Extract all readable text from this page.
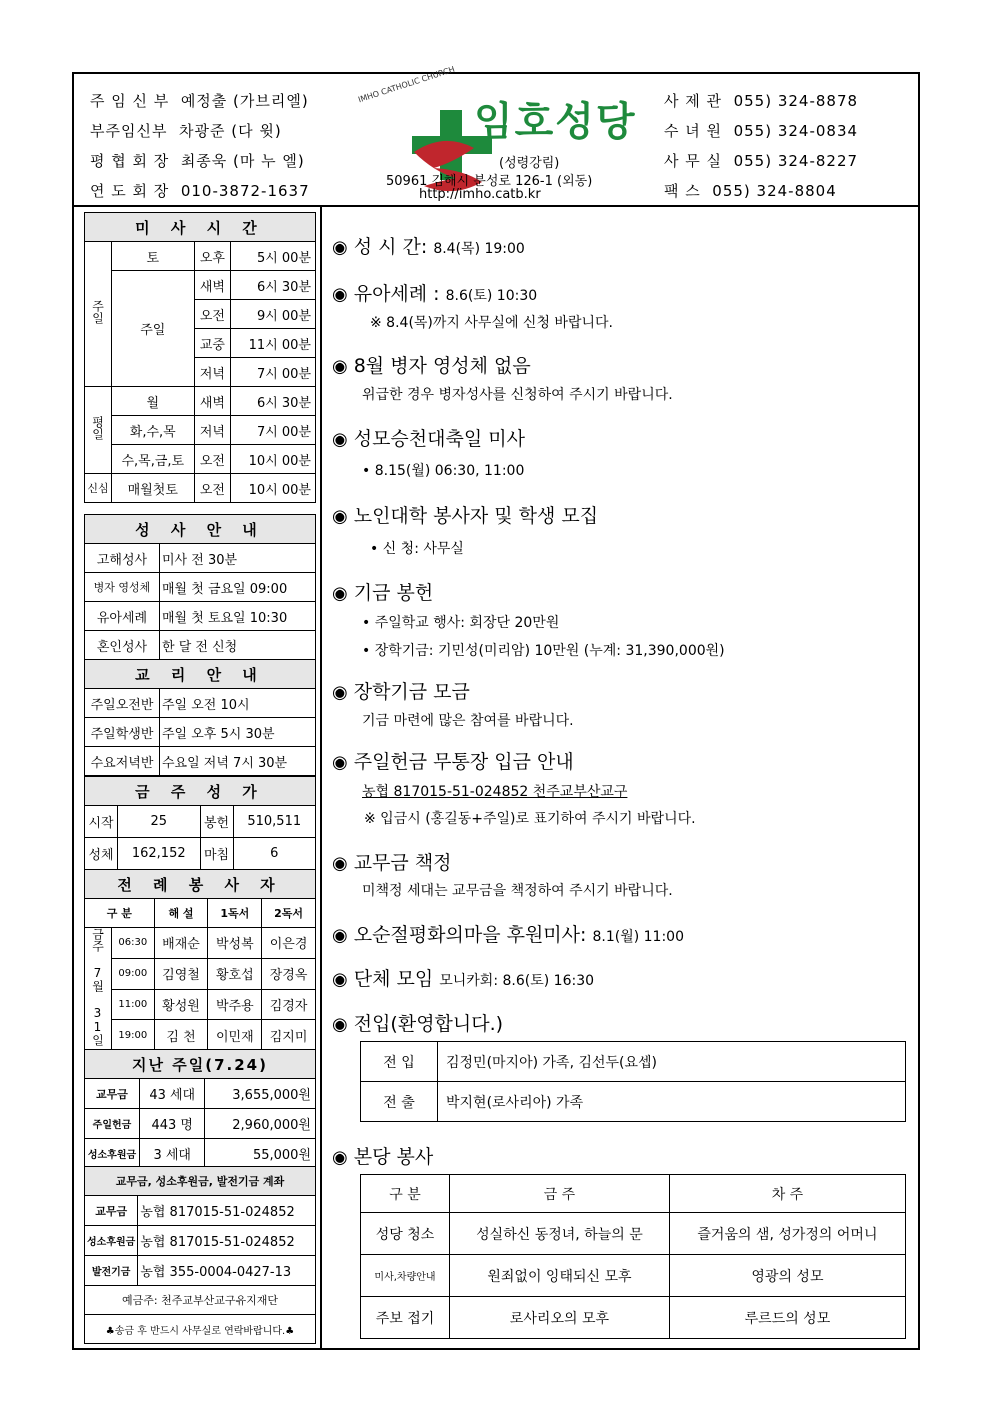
주 임 신 부 예정출 (가브리엘)
부주임신부 차광준 (다 윗)
평 협 회 장 최종욱 (마 누 엘)
연 도 회 장 010-3872-1637
IMHO CATHOLIC CHURCH
임호성당
(성령강림)
50961 김해시 분성로 126-1 (외동)
http://imho.catb.kr
사 제 관 055) 324-8878
수 녀 원 055) 324-0834
사 무 실 055) 324-8227
팩 스 055) 324-8804
미 사 시 간			
주일	토	오후	5시 00분
	주일	새벽	6시 30분
		오전	9시 00분
		교중	11시 00분
		저녁	7시 00분
평일	월	새벽	6시 30분
	화,수,목	저녁	7시 00분
	수,목,금,토	오전	10시 00분
신심	매월첫토	오전	10시 00분
성 사 안 내	
고해성사	미사 전 30분
병자 영성체	매월 첫 금요일 09:00
유아세례	매월 첫 토요일 10:30
혼인성사	한 달 전 신청
교 리 안 내	
주일오전반	주일 오전 10시
주일학생반	주일 오후 5시 30분
수요저녁반	수요일 저녁 7시 30분
금 주 성 가			
시작	25	봉헌	510,511
성체	162,152	마침	6
전 례 봉 사 자				
구 분		해 설	1독서	2독서
금주 7월 31일	06:30	배재순	박성복	이은경
	09:00	김영철	황호섭	장경옥
	11:00	황성원	박주용	김경자
	19:00	김 천	이민재	김지미
지난 주일(7.24)		
교무금	43 세대	3,655,000원
주일헌금	443 명	2,960,000원
성소후원금	3 세대	55,000원
교무금, 성소후원금, 발전기금 계좌	
교무금	농협 817015-51-024852
성소후원금	농협 817015-51-024852
발전기금	농협 355-0004-0427-13
예금주: 천주교부산교구유지재단	
♣송금 후 반드시 사무실로 연락바랍니다.♣	
◉ 성 시 간: 8.4(목) 19:00
◉ 유아세례 : 8.6(토) 10:30
※ 8.4(목)까지 사무실에 신청 바랍니다.
◉ 8월 병자 영성체 없음
위급한 경우 병자성사를 신청하여 주시기 바랍니다.
◉ 성모승천대축일 미사
• 8.15(월) 06:30, 11:00
◉ 노인대학 봉사자 및 학생 모집
• 신 청: 사무실
◉ 기금 봉헌
• 주일학교 행사: 회장단 20만원
• 장학기금: 기민성(미리암) 10만원 (누계: 31,390,000원)
◉ 장학기금 모금
기금 마련에 많은 참여를 바랍니다.
◉ 주일헌금 무통장 입금 안내
농협 817015-51-024852 천주교부산교구
※ 입금시 (홍길동+주일)로 표기하여 주시기 바랍니다.
◉ 교무금 책정
미책정 세대는 교무금을 책정하여 주시기 바랍니다.
◉ 오순절평화의마을 후원미사: 8.1(월) 11:00
◉ 단체 모임 모니카회: 8.6(토) 16:30
◉ 전입(환영합니다.)
전 입	김정민(마지아) 가족, 김선두(요셉)
전 출	박지현(로사리아) 가족
◉ 본당 봉사
구 분	금 주	차 주
성당 청소	성실하신 동정녀, 하늘의 문	즐거움의 샘, 성가정의 어머니
미사,차량안내	원죄없이 잉태되신 모후	영광의 성모
주보 접기	로사리오의 모후	루르드의 성모
